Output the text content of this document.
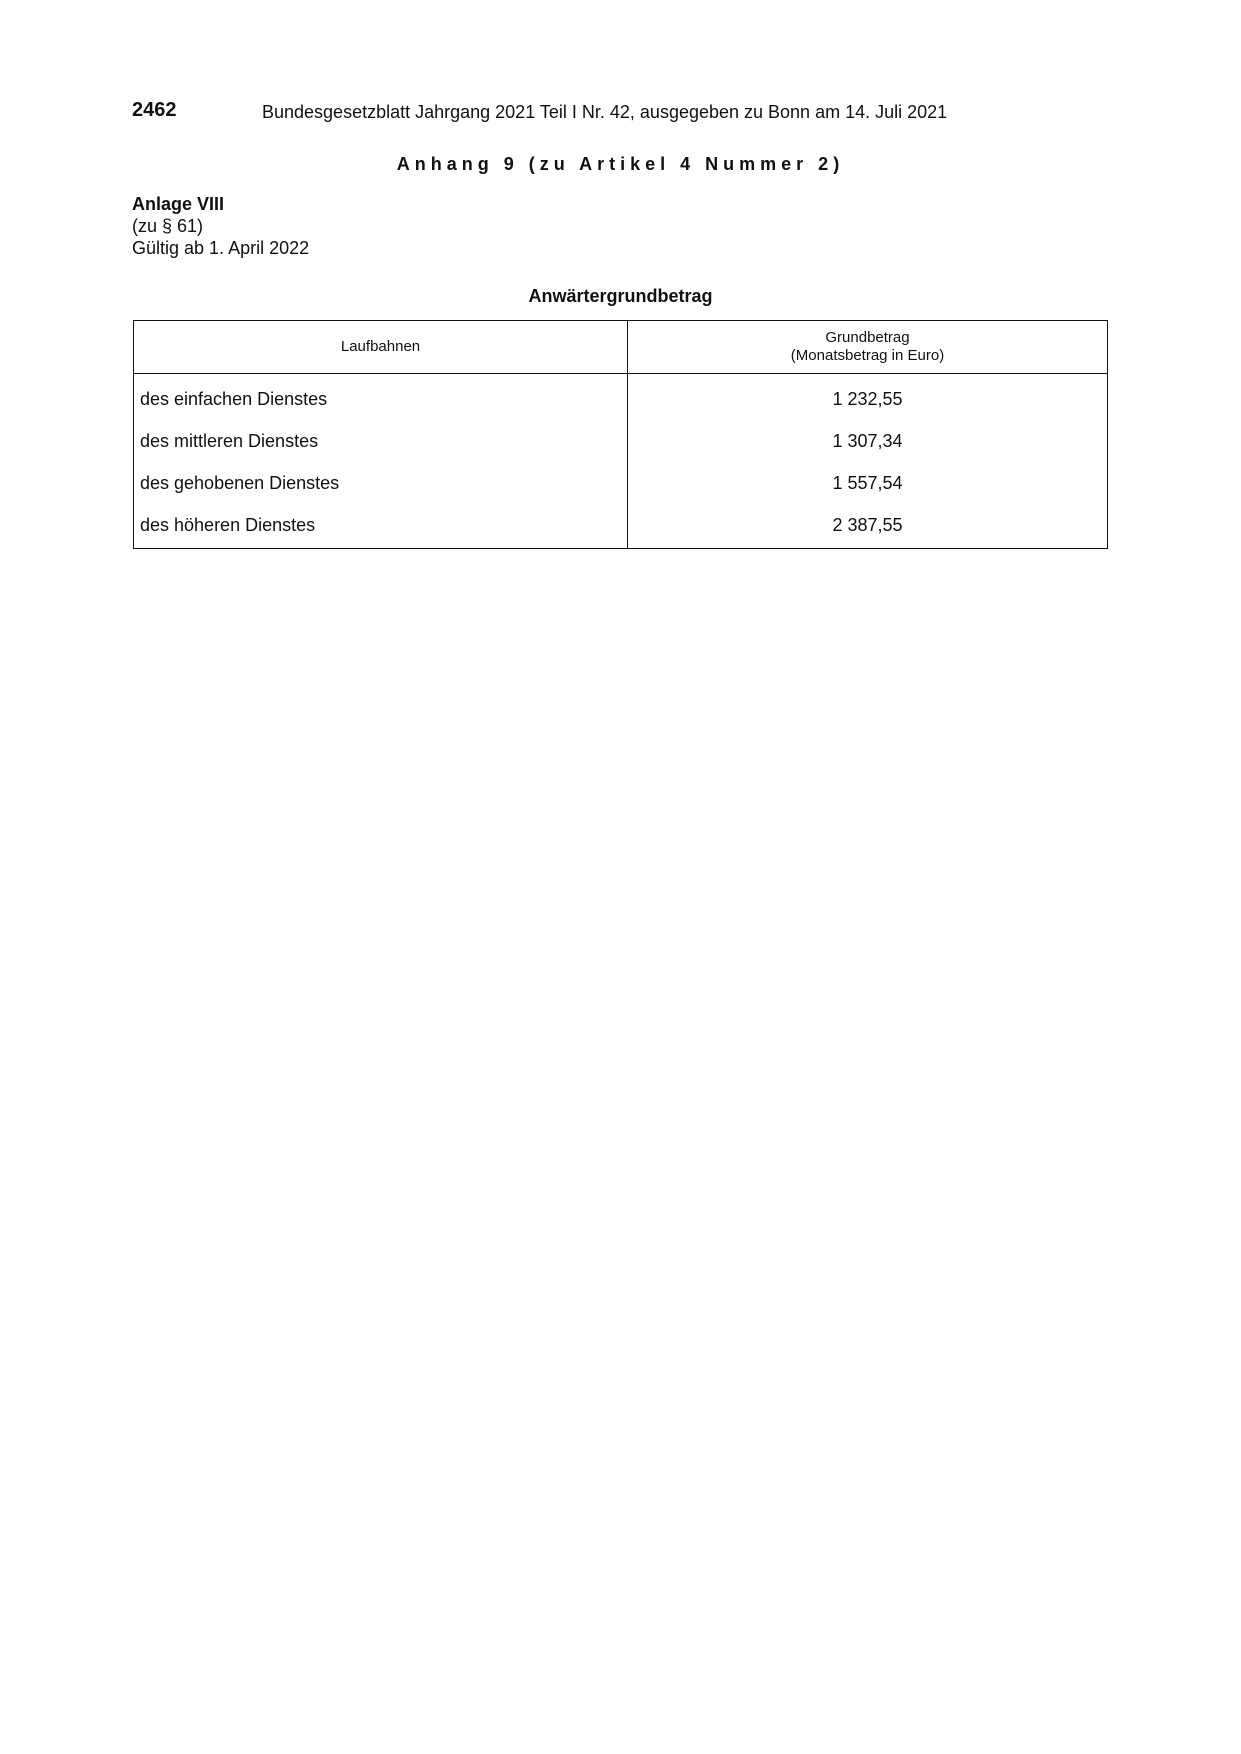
2462	Bundesgesetzblatt Jahrgang 2021 Teil I Nr. 42, ausgegeben zu Bonn am 14. Juli 2021
Anhang 9 (zu Artikel 4 Nummer 2)
Anlage VIII
(zu § 61)
Gültig ab 1. April 2022
Anwärtergrundbetrag
Laufbahnen	Grundbetrag
(Monatsbetrag in Euro)

des einfachen Dienstes	1 232,55
des mittleren Dienstes	1 307,34
des gehobenen Dienstes	1 557,54
des höheren Dienstes	2 387,55
